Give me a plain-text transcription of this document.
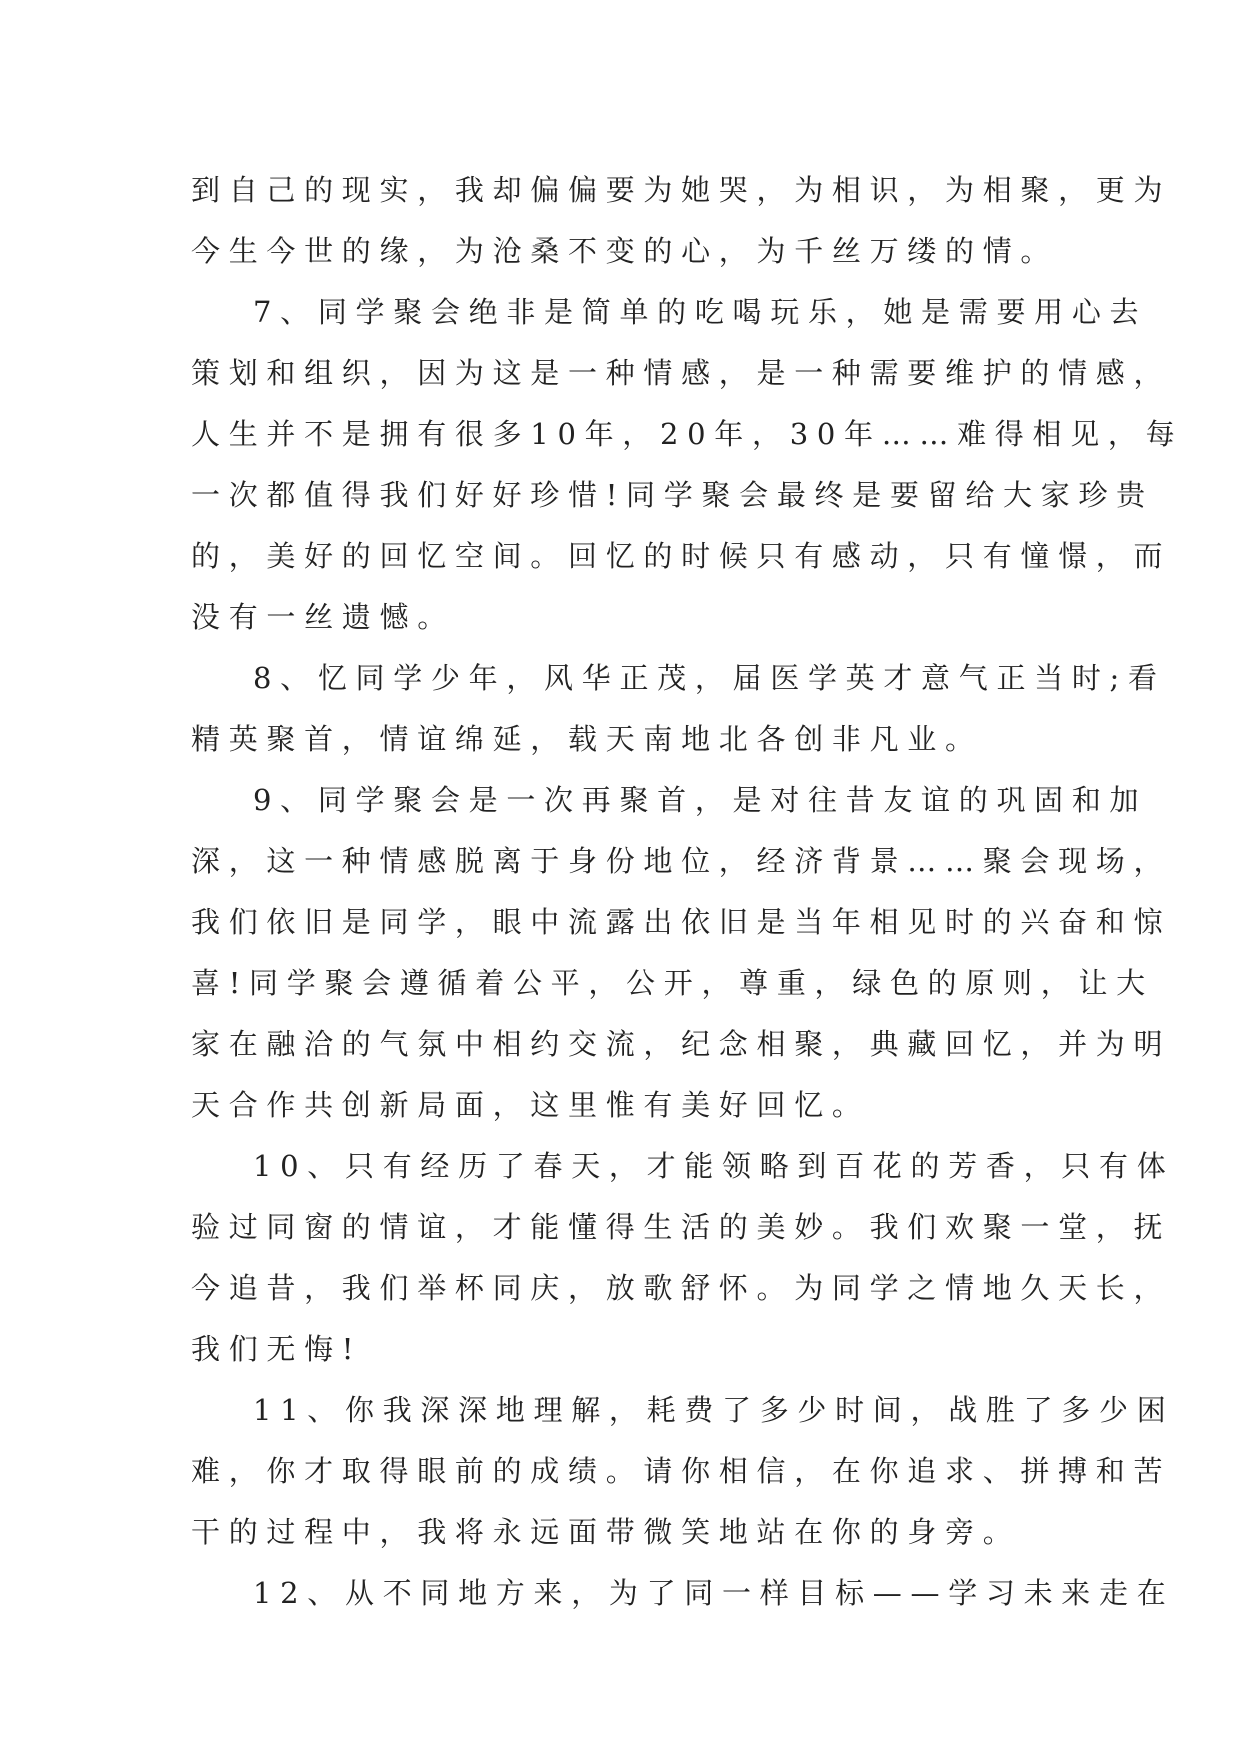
到自己的现实，我却偏偏要为她哭，为相识，为相聚，更为
今生今世的缘，为沧桑不变的心，为千丝万缕的情。
7、同学聚会绝非是简单的吃喝玩乐，她是需要用心去
策划和组织，因为这是一种情感，是一种需要维护的情感，
人生并不是拥有很多10年，20年，30年……难得相见，每
一次都值得我们好好珍惜!同学聚会最终是要留给大家珍贵
的，美好的回忆空间。回忆的时候只有感动，只有憧憬，而
没有一丝遗憾。
8、忆同学少年，风华正茂，届医学英才意气正当时;看
精英聚首，情谊绵延，载天南地北各创非凡业。
9、同学聚会是一次再聚首，是对往昔友谊的巩固和加
深，这一种情感脱离于身份地位，经济背景……聚会现场，
我们依旧是同学，眼中流露出依旧是当年相见时的兴奋和惊
喜!同学聚会遵循着公平，公开，尊重，绿色的原则，让大
家在融洽的气氛中相约交流，纪念相聚，典藏回忆，并为明
天合作共创新局面，这里惟有美好回忆。
10、只有经历了春天，才能领略到百花的芳香，只有体
验过同窗的情谊，才能懂得生活的美妙。我们欢聚一堂，抚
今追昔，我们举杯同庆，放歌舒怀。为同学之情地久天长，
我们无悔!
11、你我深深地理解，耗费了多少时间，战胜了多少困
难，你才取得眼前的成绩。请你相信，在你追求、拼搏和苦
干的过程中，我将永远面带微笑地站在你的身旁。
12、从不同地方来，为了同一样目标——学习未来走在
